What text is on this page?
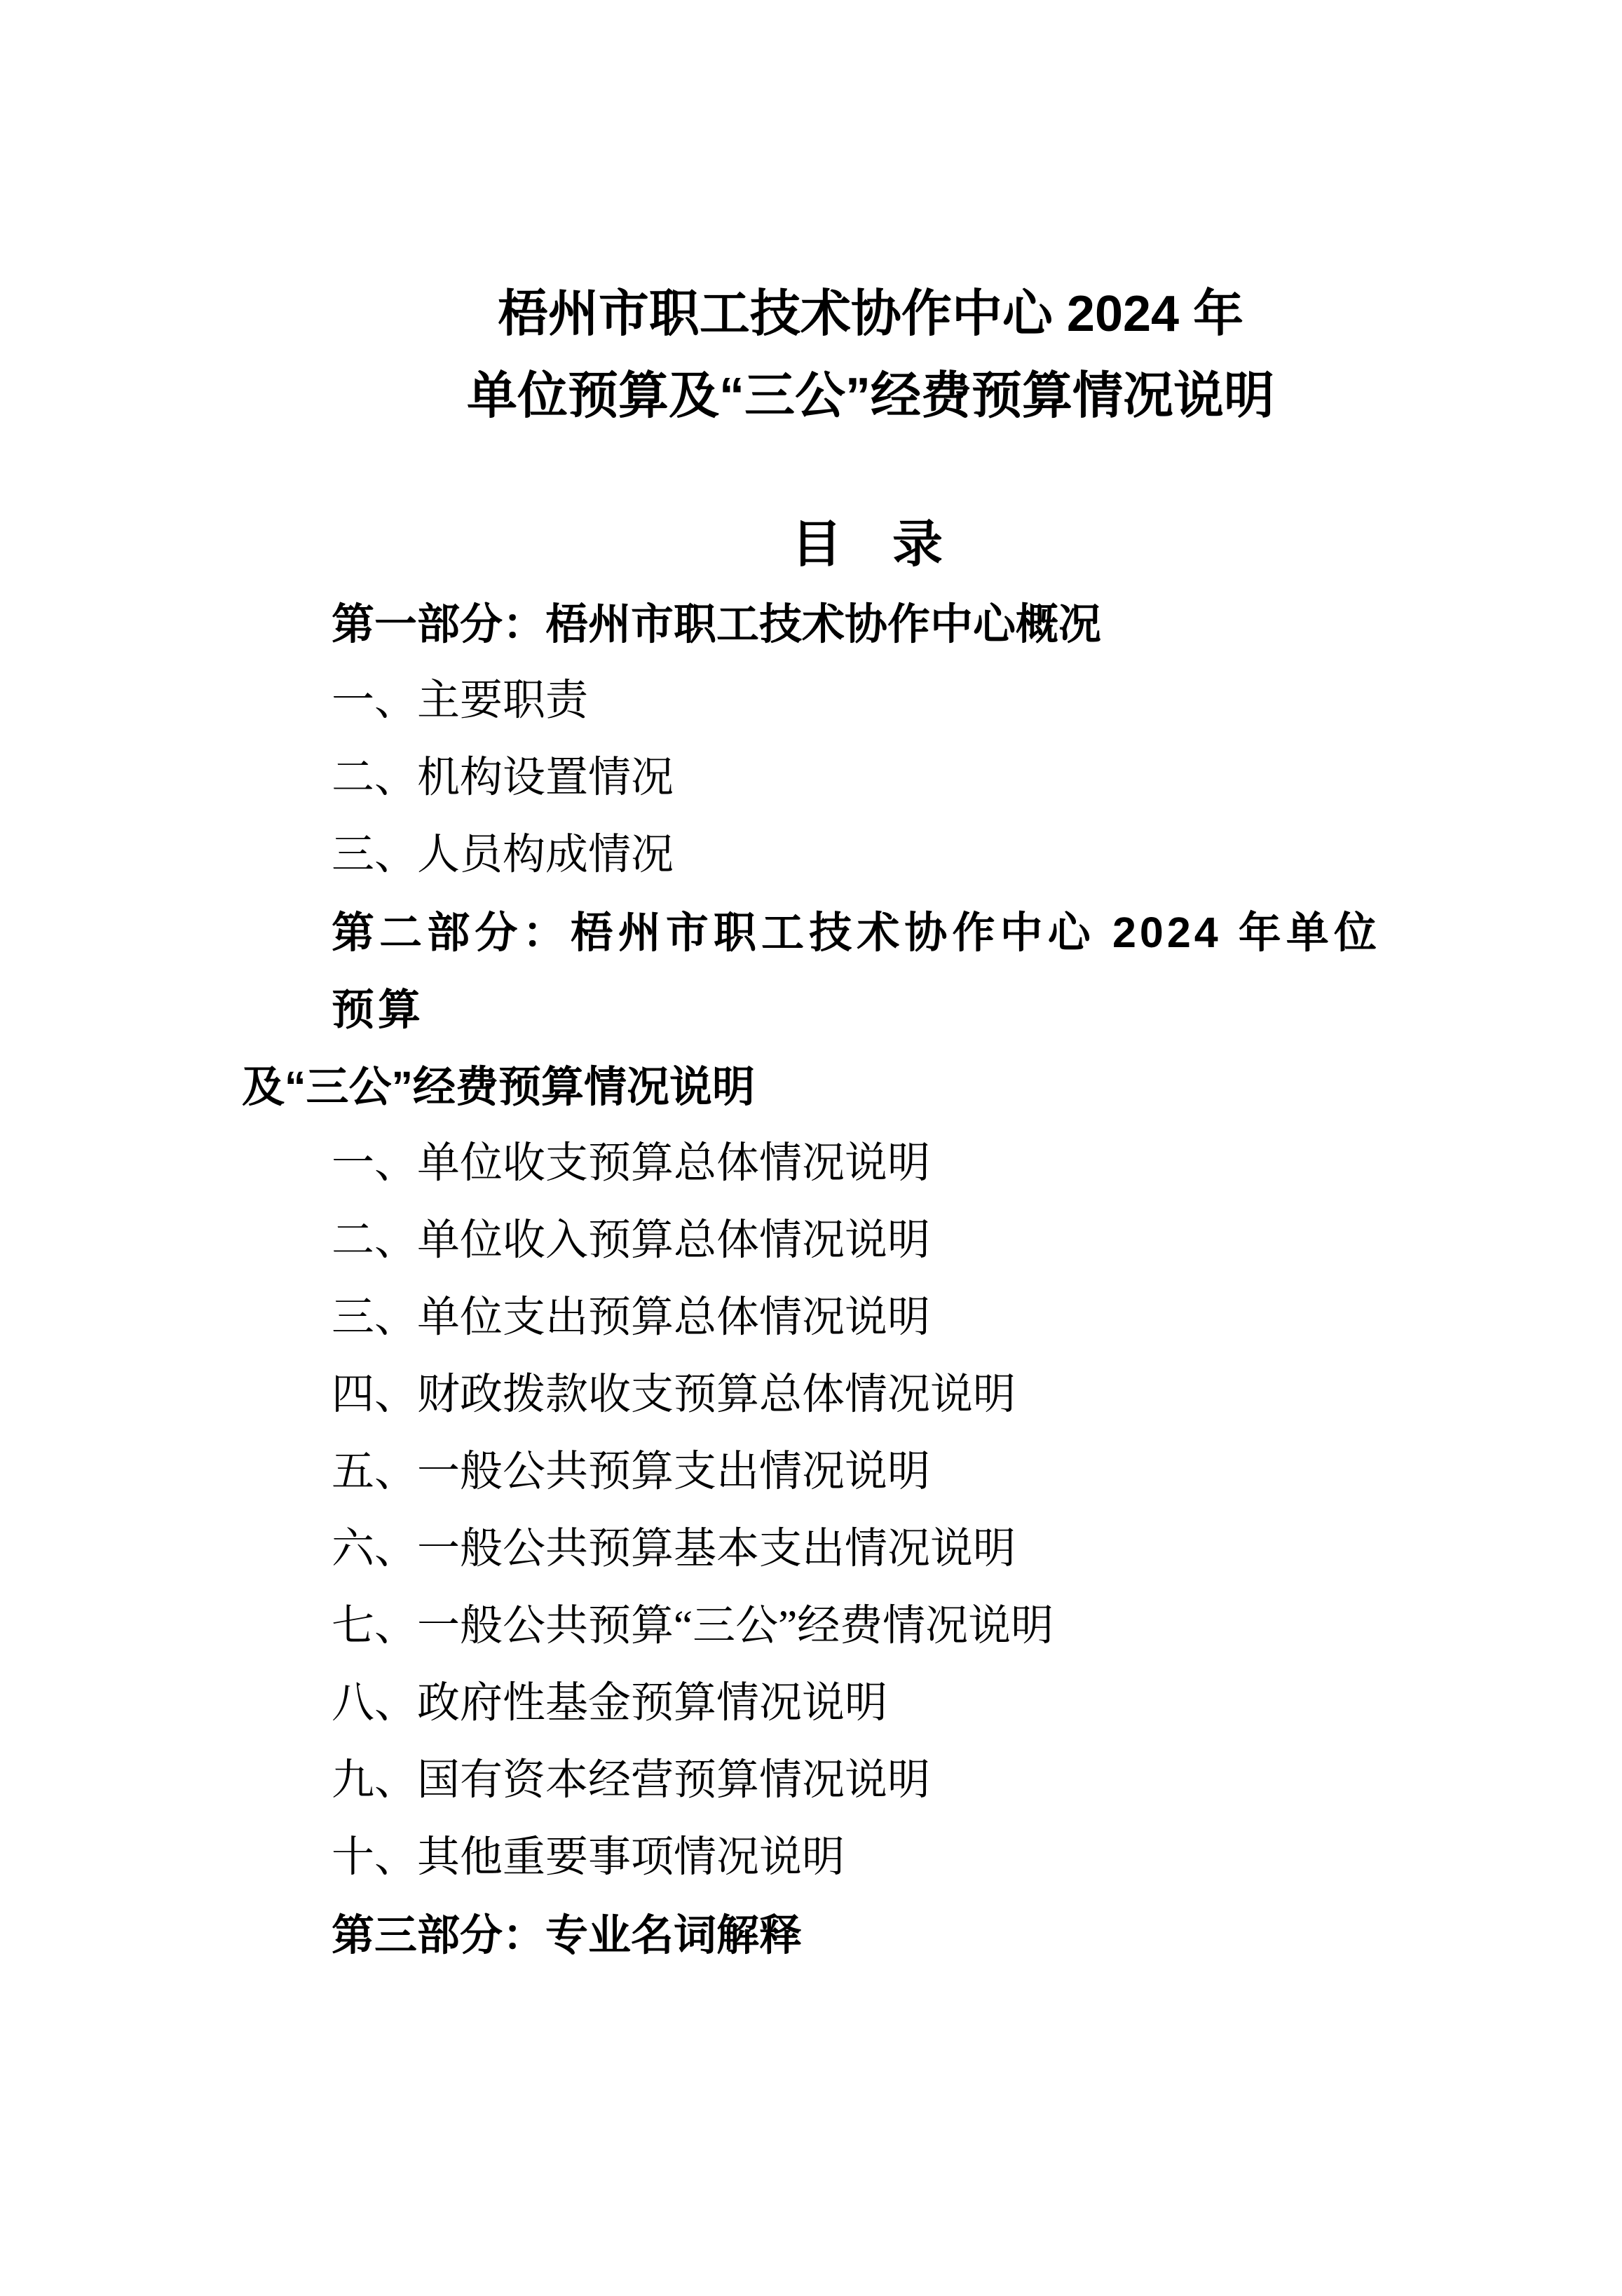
梧州市职工技术协作中心 2024 年
单位预算及“三公”经费预算情况说明
目　录
第一部分：梧州市职工技术协作中心概况
一、主要职责
二、机构设置情况
三、人员构成情况
第二部分：梧州市职工技术协作中心 2024 年单位预算
及“三公”经费预算情况说明
一、单位收支预算总体情况说明
二、单位收入预算总体情况说明
三、单位支出预算总体情况说明
四、财政拨款收支预算总体情况说明
五、一般公共预算支出情况说明
六、一般公共预算基本支出情况说明
七、一般公共预算“三公”经费情况说明
八、政府性基金预算情况说明
九、国有资本经营预算情况说明
十、其他重要事项情况说明
第三部分：专业名词解释
